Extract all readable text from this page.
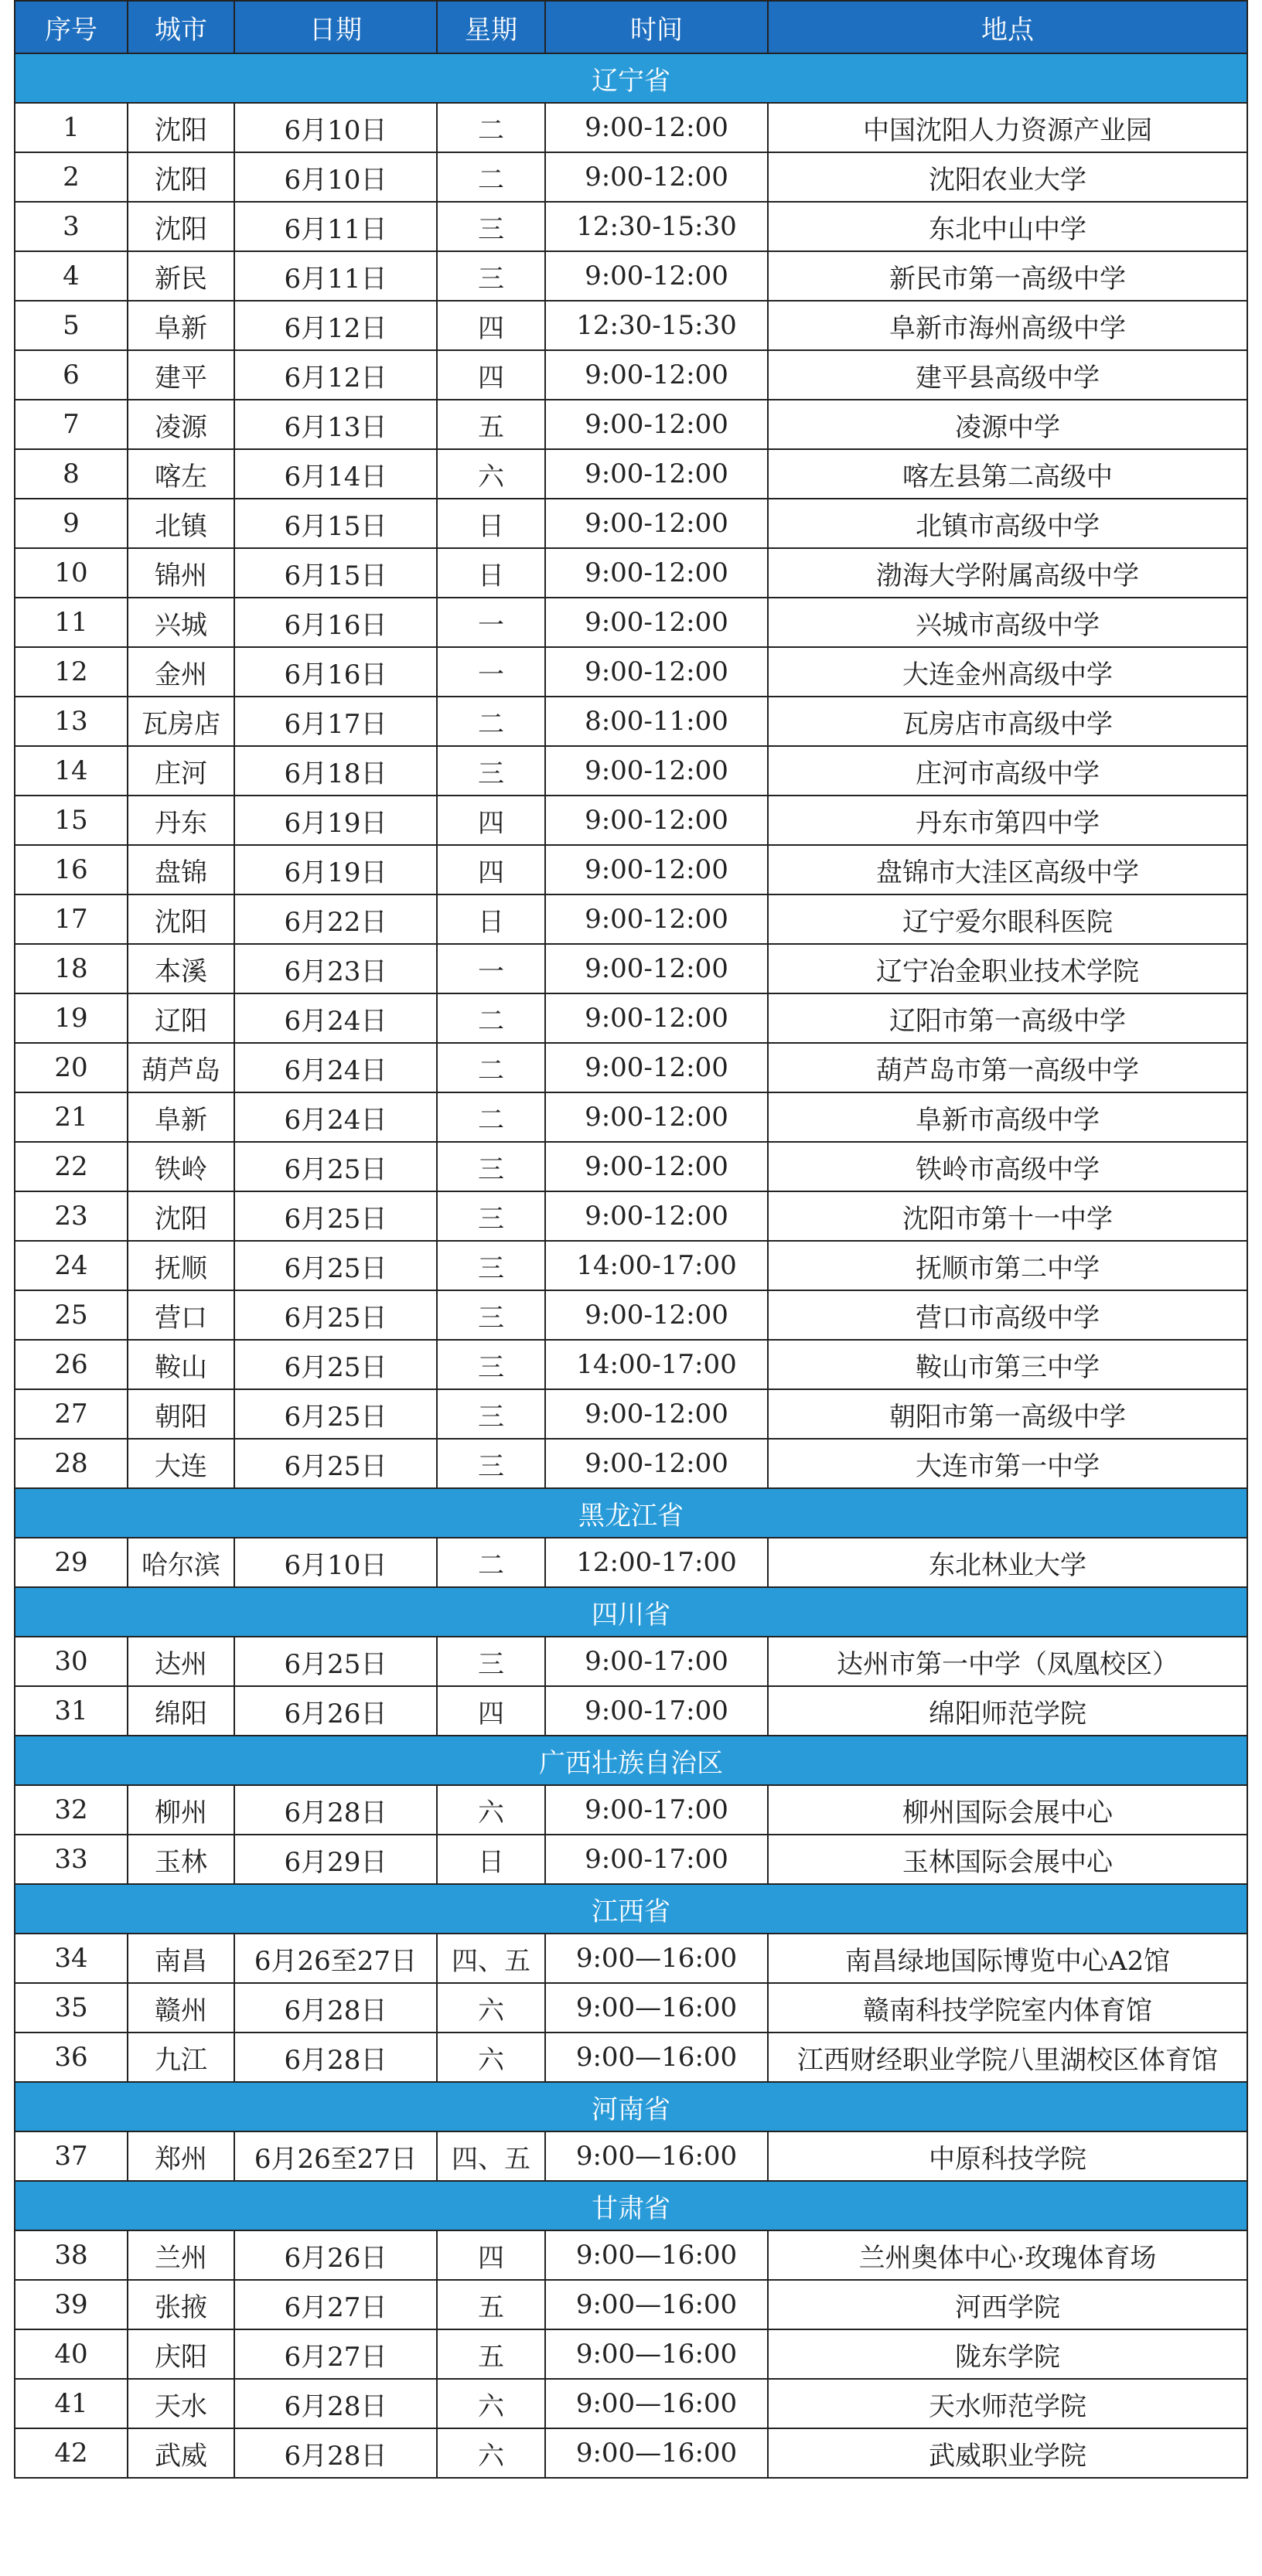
序号	城市	日期	星期	时间	地点
辽宁省					
1	沈阳	6月10日	二	9:00-12:00	中国沈阳人力资源产业园
2	沈阳	6月10日	二	9:00-12:00	沈阳农业大学
3	沈阳	6月11日	三	12:30-15:30	东北中山中学
4	新民	6月11日	三	9:00-12:00	新民市第一高级中学
5	阜新	6月12日	四	12:30-15:30	阜新市海州高级中学
6	建平	6月12日	四	9:00-12:00	建平县高级中学
7	凌源	6月13日	五	9:00-12:00	凌源中学
8	喀左	6月14日	六	9:00-12:00	喀左县第二高级中
9	北镇	6月15日	日	9:00-12:00	北镇市高级中学
10	锦州	6月15日	日	9:00-12:00	渤海大学附属高级中学
11	兴城	6月16日	一	9:00-12:00	兴城市高级中学
12	金州	6月16日	一	9:00-12:00	大连金州高级中学
13	瓦房店	6月17日	二	8:00-11:00	瓦房店市高级中学
14	庄河	6月18日	三	9:00-12:00	庄河市高级中学
15	丹东	6月19日	四	9:00-12:00	丹东市第四中学
16	盘锦	6月19日	四	9:00-12:00	盘锦市大洼区高级中学
17	沈阳	6月22日	日	9:00-12:00	辽宁爱尔眼科医院
18	本溪	6月23日	一	9:00-12:00	辽宁冶金职业技术学院
19	辽阳	6月24日	二	9:00-12:00	辽阳市第一高级中学
20	葫芦岛	6月24日	二	9:00-12:00	葫芦岛市第一高级中学
21	阜新	6月24日	二	9:00-12:00	阜新市高级中学
22	铁岭	6月25日	三	9:00-12:00	铁岭市高级中学
23	沈阳	6月25日	三	9:00-12:00	沈阳市第十一中学
24	抚顺	6月25日	三	14:00-17:00	抚顺市第二中学
25	营口	6月25日	三	9:00-12:00	营口市高级中学
26	鞍山	6月25日	三	14:00-17:00	鞍山市第三中学
27	朝阳	6月25日	三	9:00-12:00	朝阳市第一高级中学
28	大连	6月25日	三	9:00-12:00	大连市第一中学
黑龙江省					
29	哈尔滨	6月10日	二	12:00-17:00	东北林业大学
四川省					
30	达州	6月25日	三	9:00-17:00	达州市第一中学（凤凰校区）
31	绵阳	6月26日	四	9:00-17:00	绵阳师范学院
广西壮族自治区					
32	柳州	6月28日	六	9:00-17:00	柳州国际会展中心
33	玉林	6月29日	日	9:00-17:00	玉林国际会展中心
江西省					
34	南昌	6月26至27日	四、五	9:00—16:00	南昌绿地国际博览中心A2馆
35	赣州	6月28日	六	9:00—16:00	赣南科技学院室内体育馆
36	九江	6月28日	六	9:00—16:00	江西财经职业学院八里湖校区体育馆
河南省					
37	郑州	6月26至27日	四、五	9:00—16:00	中原科技学院
甘肃省					
38	兰州	6月26日	四	9:00—16:00	兰州奥体中心·玫瑰体育场
39	张掖	6月27日	五	9:00—16:00	河西学院
40	庆阳	6月27日	五	9:00—16:00	陇东学院
41	天水	6月28日	六	9:00—16:00	天水师范学院
42	武威	6月28日	六	9:00—16:00	武威职业学院
